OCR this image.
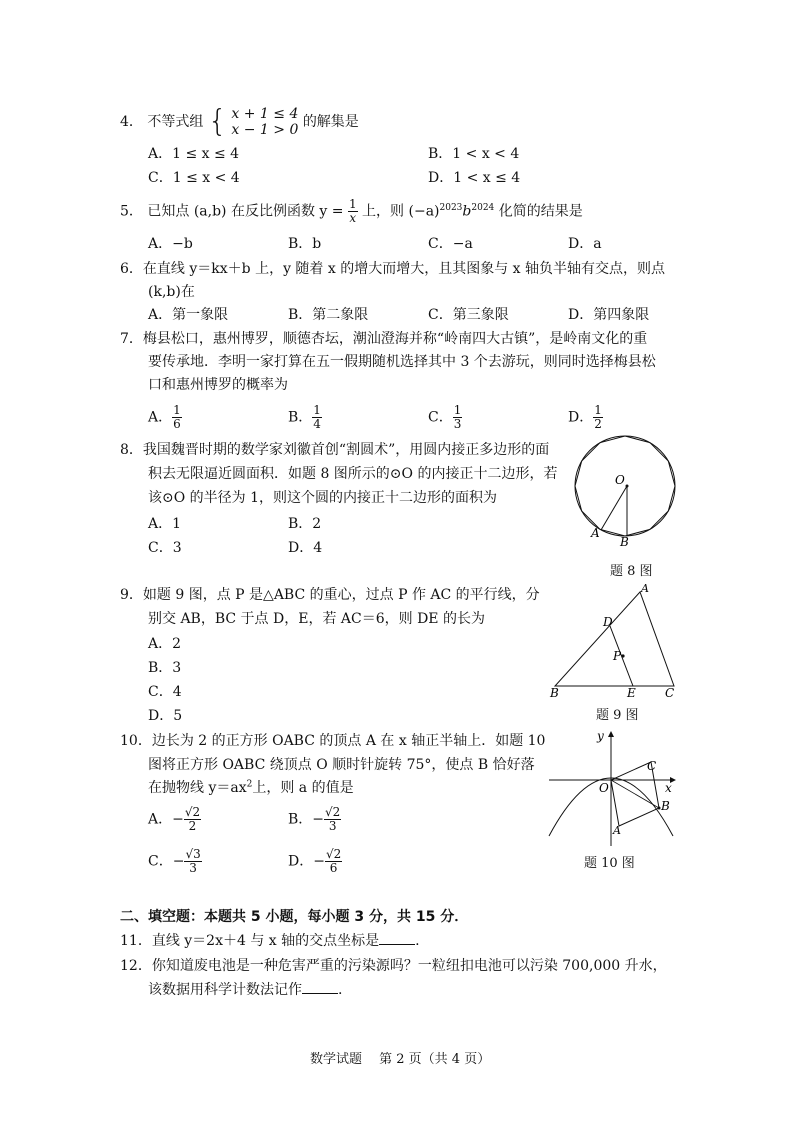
4． 不等式组 { x + 1 ≤ 4
x − 1 > 0 的解集是
A．1 ≤ x ≤ 4	B．1 < x < 4
C．1 ≤ x < 4	D．1 < x ≤ 4
5． 已知点 (a,b) 在反比例函数 $y = \frac{1}{x}$ 上，则 $(-a)^{2023}b^{2024}$ 化简的结果是
A．−b	B．b	C．−a	D．a
6．在直线 y＝kx＋b 上，y 随着 x 的增大而增大，且其图象与 x 轴负半轴有交点，则点
(k,b)在
A．第一象限	B．第二象限	C．第三象限	D．第四象限
7．梅县松口，惠州博罗，顺德杏坛，潮汕澄海并称“岭南四大古镇”，是岭南文化的重
要传承地．李明一家打算在五一假期随机选择其中 3 个去游玩，则同时选择梅县松
口和惠州博罗的概率为
A． $\frac{1}{6}$	B． $\frac{1}{4}$	C． $\frac{1}{3}$	D． $\frac{1}{2}$
8．我国魏晋时期的数学家刘徽首创“割圆术”，用圆内接正多边形的面
积去无限逼近圆面积．如题 8 图所示的⊙O 的内接正十二边形，若
该⊙O 的半径为 1，则这个圆的内接正十二边形的面积为
A．1	B．2
C．3	D．4
O
A
B
题 8 图
9．如题 9 图，点 P 是△ABC 的重心，过点 P 作 AC 的平行线，分
别交 AB，BC 于点 D，E，若 AC＝6，则 DE 的长为
A．2
B．3
C．4
D．5
A
B	C
D
E
P
题 9 图
10．边长为 2 的正方形 OABC 的顶点 A 在 x 轴正半轴上．如题 10
图将正方形 OABC 绕顶点 O 顺时针旋转 75°，使点 B 恰好落
在抛物线 $y=ax^2$上，则 a 的值是
A．− $\frac{√2}{2}$	B．− $\frac{√2}{3}$
C．− $\frac{√3}{3}$	D．− $\frac{√2}{6}$
y
x
O
A
B
C
题 10 图
二、填空题：本题共 5 小题，每小题 3 分，共 15 分．
11．直线 y＝2x＋4 与 x 轴的交点坐标是	.
12．你知道废电池是一种危害严重的污染源吗？一粒纽扣电池可以污染 700,000 升水，
该数据用科学计数法记作	.
数学试题　 第 2 页（共 4 页）
